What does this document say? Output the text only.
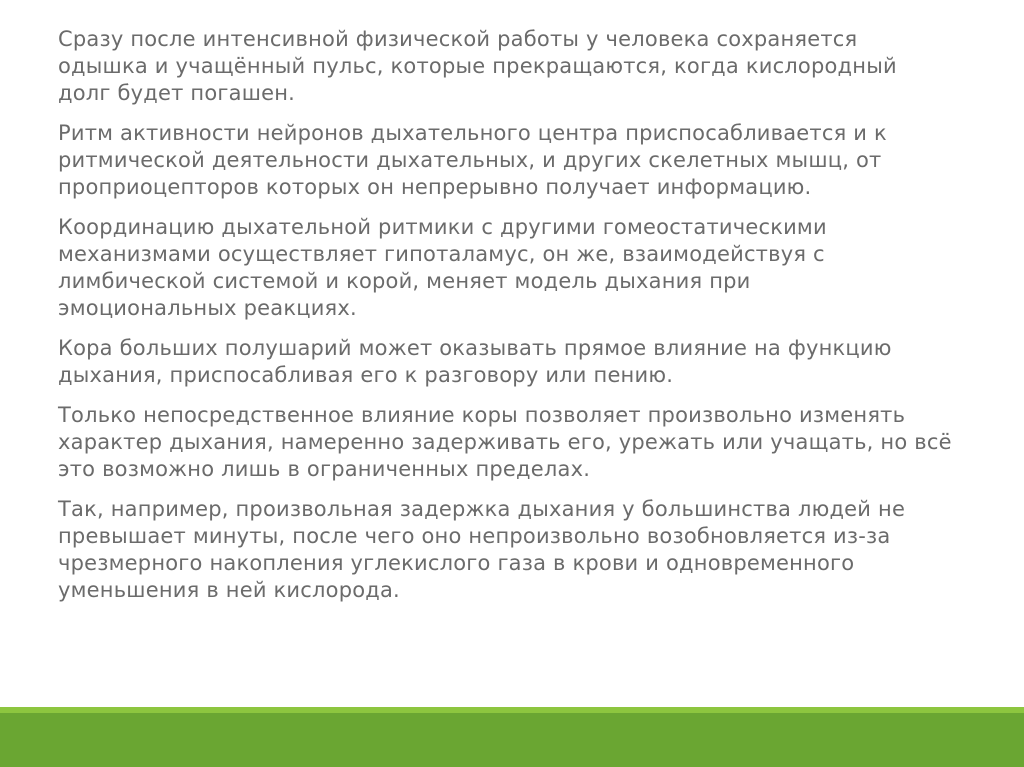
Сразу после интенсивной физической работы у человека сохраняется
одышка и учащённый пульс, которые прекращаются, когда кислородный
долг будет погашен.

Ритм активности нейронов дыхательного центра приспосабливается и к
ритмической деятельности дыхательных, и других скелетных мышц, от
проприоцепторов которых он непрерывно получает информацию.

Координацию дыхательной ритмики с другими гомеостатическими
механизмами осуществляет гипоталамус, он же, взаимодействуя с
лимбической системой и корой, меняет модель дыхания при
эмоциональных реакциях.

Кора больших полушарий может оказывать прямое влияние на функцию
дыхания, приспосабливая его к разговору или пению.

Только непосредственное влияние коры позволяет произвольно изменять
характер дыхания, намеренно задерживать его, урежать или учащать, но всё
это возможно лишь в ограниченных пределах.

Так, например, произвольная задержка дыхания у большинства людей не
превышает минуты, после чего оно непроизвольно возобновляется из-за
чрезмерного накопления углекислого газа в крови и одновременного
уменьшения в ней кислорода.
